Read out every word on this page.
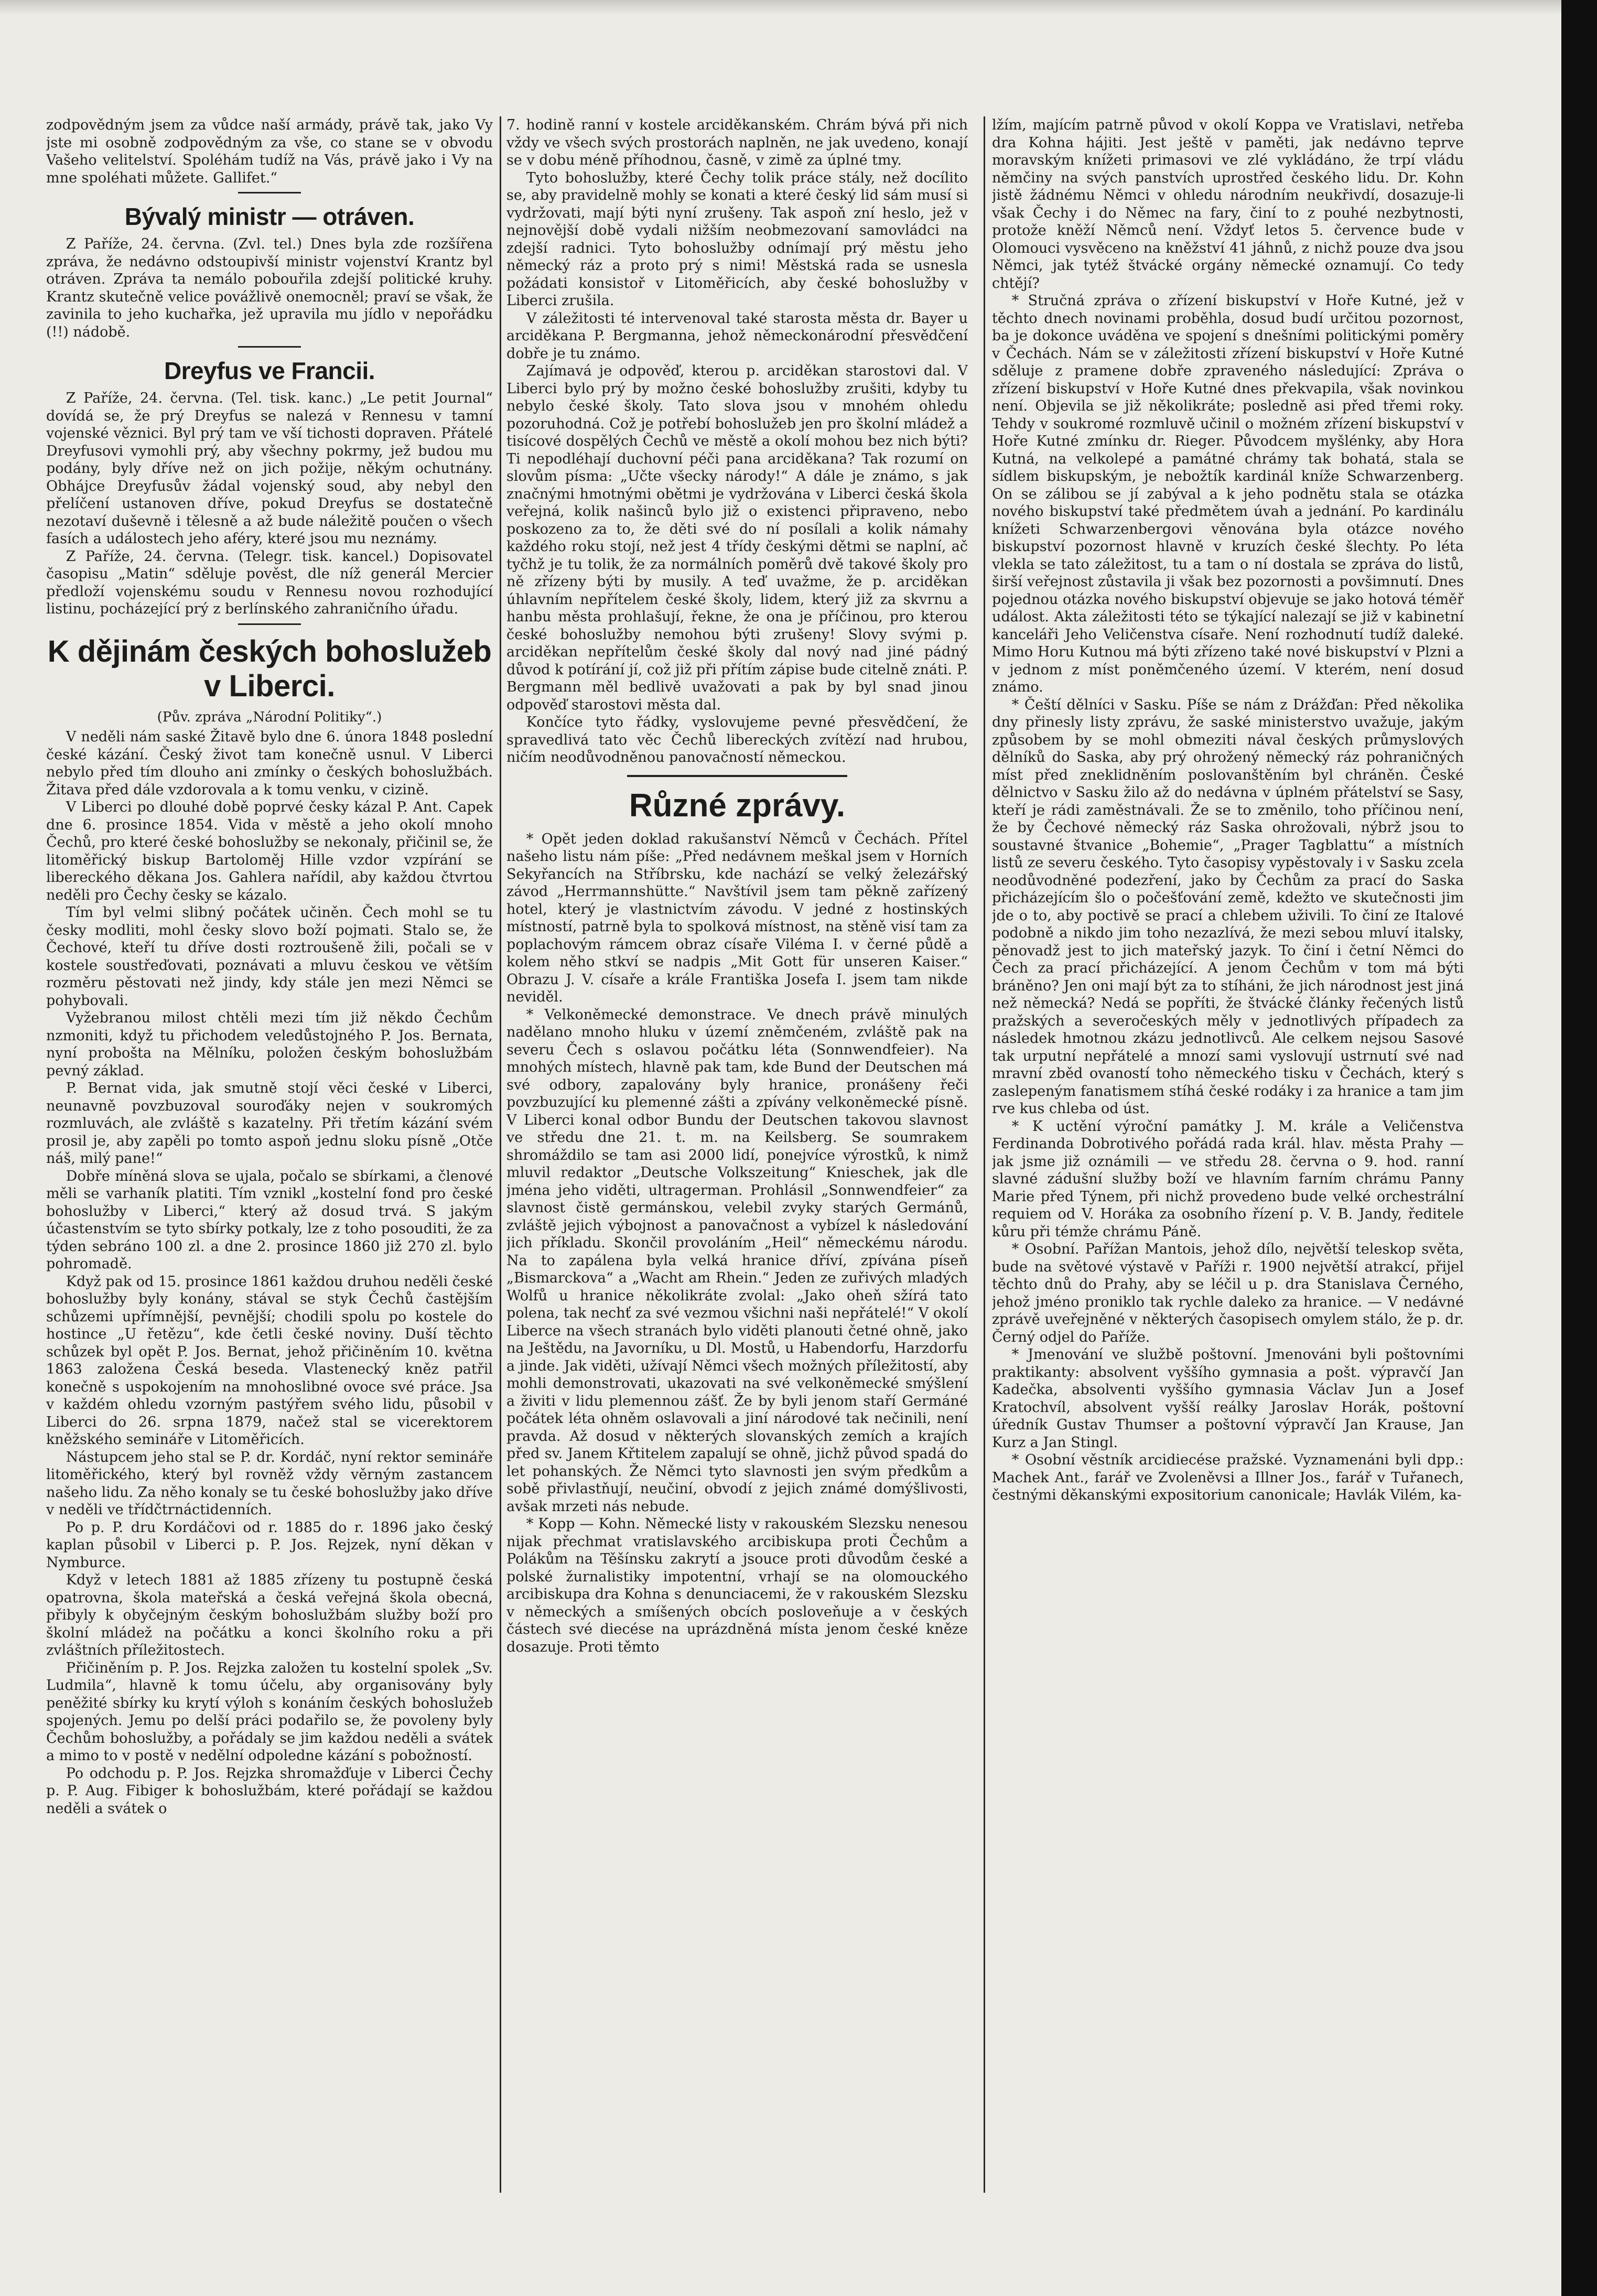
zodpovědným jsem za vůdce naší armády, právě tak, jako Vy jste mi osobně zodpovědným za vše, co stane se v obvodu Vašeho velitelství. Spoléhám tudíž na Vás, právě jako i Vy na mne spoléhati můžete. Gallifet.“

Bývalý ministr — otráven.

Z Paříže, 24. června. (Zvl. tel.) Dnes byla zde rozšířena zpráva, že nedávno odstoupivší ministr vojenství Krantz byl otráven. Zpráva ta nemálo pobouřila zdejší politické kruhy. Krantz skutečně velice povážlivě onemocněl; praví se však, že zavinila to jeho kuchařka, jež upravila mu jídlo v nepořádku (!!) nádobě.

Dreyfus ve Francii.

Z Paříže, 24. června. (Tel. tisk. kanc.) „Le petit Journal“ dovídá se, že prý Dreyfus se nalezá v Rennesu v tamní vojenské věznici. Byl prý tam ve vší tichosti dopraven. Přátelé Dreyfusovi vymohli prý, aby všechny pokrmy, jež budou mu podány, byly dříve než on jich požije, někým ochutnány. Obhájce Dreyfusův žádal vojenský soud, aby nebyl den přelíčení ustanoven dříve, pokud Dreyfus se dostatečně nezotaví duševně i tělesně a až bude náležitě poučen o všech fasích a událostech jeho aféry, které jsou mu neznámy.

Z Paříže, 24. června. (Telegr. tisk. kancel.) Dopisovatel časopisu „Matin“ sděluje pověst, dle níž generál Mercier předloží vojenskému soudu v Rennesu novou rozhodující listinu, pocházející prý z berlínského zahraničního úřadu.

K dějinám českých bohoslužeb v Liberci.

(Pův. zpráva „Národní Politiky“.)

V neděli nám saské Žitavě bylo dne 6. února 1848 poslední české kázání. Český život tam konečně usnul. V Liberci nebylo před tím dlouho ani zmínky o českých bohoslužbách. Žitava před dále vzdorovala a k tomu venku, v cizině.

V Liberci po dlouhé době poprvé česky kázal P. Ant. Capek dne 6. prosince 1854. Vida v městě a jeho okolí mnoho Čechů, pro které české bohoslužby se nekonaly, přičinil se, že litoměřický biskup Bartoloměj Hille vzdor vzpírání se libereckého děkana Jos. Gahlera nařídil, aby každou čtvrtou neděli pro Čechy česky se kázalo.

Tím byl velmi slibný počátek učiněn. Čech mohl se tu česky modliti, mohl česky slovo boží pojmati. Stalo se, že Čechové, kteří tu dříve dosti roztroušeně žili, počali se v kostele soustřeďovati, poznávati a mluvu českou ve větším rozměru pěstovati než jindy, kdy stále jen mezi Němci se pohybovali.

Vyžebranou milost chtěli mezi tím již někdo Čechům nzmoniti, když tu přichodem veledůstojného P. Jos. Bernata, nyní probošta na Mělníku, položen českým bohoslužbám pevný základ.

P. Bernat vida, jak smutně stojí věci české v Liberci, neunavně povzbuzoval souroďáky nejen v soukromých rozmluvách, ale zvláště s kazatelny. Při třetím kázání svém prosil je, aby zapěli po tomto aspoň jednu sloku písně „Otče náš, milý pane!“

Dobře míněná slova se ujala, počalo se sbírkami, a členové měli se varhaník platiti. Tím vznikl „kostelní fond pro české bohoslužby v Liberci,“ který až dosud trvá. S jakým účastenstvím se tyto sbírky potkaly, lze z toho posouditi, že za týden sebráno 100 zl. a dne 2. prosince 1860 již 270 zl. bylo pohromadě.

Když pak od 15. prosince 1861 každou druhou neděli české bohoslužby byly konány, stával se styk Čechů častějším schůzemi upřímnější, pevnější; chodili spolu po kostele do hostince „U řetězu“, kde četli české noviny. Duší těchto schůzek byl opět P. Jos. Bernat, jehož přičiněním 10. května 1863 založena Česká beseda. Vlastenecký kněz patřil konečně s uspokojením na mnohoslibné ovoce své práce. Jsa v každém ohledu vzorným pastýřem svého lidu, působil v Liberci do 26. srpna 1879, načež stal se vicerektorem kněžského semináře v Litoměřicích.

Nástupcem jeho stal se P. dr. Kordáč, nyní rektor semináře litoměřického, který byl rovněž vždy věrným zastancem našeho lidu. Za něho konaly se tu české bohoslužby jako dříve v neděli ve třídčtrnáctidenních.

Po p. P. dru Kordáčovi od r. 1885 do r. 1896 jako český kaplan působil v Liberci p. P. Jos. Rejzek, nyní děkan v Nymburce.

Když v letech 1881 až 1885 zřízeny tu postupně česká opatrovna, škola mateřská a česká veřejná škola obecná, přibyly k obyčejným českým bohoslužbám služby boží pro školní mládež na počátku a konci školního roku a při zvláštních příležitostech.

Přičiněním p. P. Jos. Rejzka založen tu kostelní spolek „Sv. Ludmila“, hlavně k tomu účelu, aby organisovány byly peněžité sbírky ku krytí výloh s konáním českých bohoslužeb spojených. Jemu po delší práci podařilo se, že povoleny byly Čechům bohoslužby, a pořádaly se jim každou neděli a svátek a mimo to v postě v nedělní odpoledne kázání s pobožností.

Po odchodu p. P. Jos. Rejzka shromažďuje v Liberci Čechy p. P. Aug. Fibiger k bohoslužbám, které pořádají se každou neděli a svátek o

7. hodině ranní v kostele arciděkanském. Chrám bývá při nich vždy ve všech svých prostorách naplněn, ne jak uvedeno, konají se v dobu méně příhodnou, časně, v zimě za úplné tmy.

Tyto bohoslužby, které Čechy tolik práce stály, než docílito se, aby pravidelně mohly se konati a které český lid sám musí si vydržovati, mají býti nyní zrušeny. Tak aspoň zní heslo, jež v nejnovější době vydali nižším neobmezovaní samovládci na zdejší radnici. Tyto bohoslužby odnímají prý městu jeho německý ráz a proto prý s nimi! Městská rada se usnesla požádati konsistoř v Litoměřicích, aby české bohoslužby v Liberci zrušila.

V záležitosti té intervenoval také starosta města dr. Bayer u arciděkana P. Bergmanna, jehož německonárodní přesvědčení dobře je tu známo.

Zajímavá je odpověď, kterou p. arciděkan starostovi dal. V Liberci bylo prý by možno české bohoslužby zrušiti, kdyby tu nebylo české školy. Tato slova jsou v mnohém ohledu pozoruhodná. Což je potřebí bohoslužeb jen pro školní mládež a tisícové dospělých Čechů ve městě a okolí mohou bez nich býti? Ti nepodléhají duchovní péči pana arciděkana? Tak rozumí on slovům písma: „Učte všecky národy!“ A dále je známo, s jak značnými hmotnými obětmi je vydržována v Liberci česká škola veřejná, kolik našinců bylo již o existenci připraveno, nebo poskozeno za to, že děti své do ní posílali a kolik námahy každého roku stojí, než jest 4 třídy českými dětmi se naplní, ač tyčhž je tu tolik, že za normálních poměrů dvě takové školy pro ně zřízeny býti by musily. A teď uvažme, že p. arciděkan úhlavním nepřítelem české školy, lidem, který již za skvrnu a hanbu města prohlašují, řekne, že ona je příčinou, pro kterou české bohoslužby nemohou býti zrušeny! Slovy svými p. arciděkan nepřítelům české školy dal nový nad jiné pádný důvod k potírání jí, což již při přítím zápise bude citelně znáti. P. Bergmann měl bedlivě uvažovati a pak by byl snad jinou odpověď starostovi města dal.

Končíce tyto řádky, vyslovujeme pevné přesvědčení, že spravedlivá tato věc Čechů libereckých zvítězí nad hrubou, ničím neodůvodněnou panovačností německou.

Různé zprávy.

* Opět jeden doklad rakušanství Němců v Čechách. Přítel našeho listu nám píše: „Před nedávnem meškal jsem v Horních Sekyřancích na Stříbrsku, kde nachází se velký železářský závod „Herrmannshütte.“ Navštívil jsem tam pěkně zařízený hotel, který je vlastnictvím závodu. V jedné z hostinských místností, patrně byla to spolková místnost, na stěně visí tam za poplachovým rámcem obraz císaře Viléma I. v černé půdě a kolem něho stkví se nadpis „Mit Gott für unseren Kaiser.“ Obrazu J. V. císaře a krále Františka Josefa I. jsem tam nikde neviděl.

* Velkoněmecké demonstrace. Ve dnech právě minulých nadělano mnoho hluku v území zněmčeném, zvláště pak na severu Čech s oslavou počátku léta (Sonnwendfeier). Na mnohých místech, hlavně pak tam, kde Bund der Deutschen má své odbory, zapalovány byly hranice, pronášeny řeči povzbuzující ku plemenné zášti a zpívány velkoněmecké písně. V Liberci konal odbor Bundu der Deutschen takovou slavnost ve středu dne 21. t. m. na Keilsberg. Se soumrakem shromáždilo se tam asi 2000 lidí, ponejvíce výrostků, k nimž mluvil redaktor „Deutsche Volkszeitung“ Knieschek, jak dle jména jeho viděti, ultragerman. Prohlásil „Sonnwendfeier“ za slavnost čistě germánskou, velebil zvyky starých Germánů, zvláště jejich výbojnost a panovačnost a vybízel k následování jich příkladu. Skončil provoláním „Heil“ německému národu. Na to zapálena byla velká hranice dříví, zpívána píseň „Bismarckova“ a „Wacht am Rhein.“ Jeden ze zuřivých mladých Wolfů u hranice několikráte zvolal: „Jako oheň sžírá tato polena, tak nechť za své vezmou všichni naši nepřátelé!“ V okolí Liberce na všech stranách bylo viděti planouti četné ohně, jako na Ještědu, na Javorníku, u Dl. Mostů, u Habendorfu, Harzdorfu a jinde. Jak viděti, užívají Němci všech možných příležitostí, aby mohli demonstrovati, ukazovati na své velkoněmecké smýšlení a živiti v lidu plemennou zášť. Že by byli jenom staří Germáné počátek léta ohněm oslavovali a jiní národové tak nečinili, není pravda. Až dosud v některých slovanských zemích a krajích před sv. Janem Křtitelem zapalují se ohně, jichž původ spadá do let pohanských. Že Němci tyto slavnosti jen svým předkům a sobě přivlastňují, neučiní, obvodí z jejich známé domýšlivosti, avšak mrzeti nás nebude.

* Kopp — Kohn. Německé listy v rakouském Slezsku nenesou nijak přechmat vratislavského arcibiskupa proti Čechům a Polákům na Těšínsku zakrytí a jsouce proti důvodům české a polské žurnalistiky impotentní, vrhají se na olomouckého arcibiskupa dra Kohna s denunciacemi, že v rakouském Slezsku v německých a smíšených obcích posloveňuje a v českých částech své diecése na uprázdněná místa jenom české kněze dosazuje. Proti těmto

lžím, majícím patrně původ v okolí Koppa ve Vratislavi, netřeba dra Kohna hájiti. Jest ještě v paměti, jak nedávno teprve moravským knížeti primasovi ve zlé vykládáno, že trpí vládu němčiny na svých panstvích uprostřed českého lidu. Dr. Kohn jistě žádnému Němci v ohledu národním neukřivdí, dosazuje-li však Čechy i do Němec na fary, činí to z pouhé nezbytnosti, protože kněží Němců není. Vždyť letos 5. července bude v Olomouci vysvěceno na kněžství 41 jáhnů, z nichž pouze dva jsou Němci, jak tytéž štvácké orgány německé oznamují. Co tedy chtějí?

* Stručná zpráva o zřízení biskupství v Hoře Kutné, jež v těchto dnech novinami proběhla, dosud budí určitou pozornost, ba je dokonce uváděna ve spojení s dnešními politickými poměry v Čechách. Nám se v záležitosti zřízení biskupství v Hoře Kutné sděluje z pramene dobře zpraveného následující: Zpráva o zřízení biskupství v Hoře Kutné dnes překvapila, však novinkou není. Objevila se již několikráte; posledně asi před třemi roky. Tehdy v soukromé rozmluvě učinil o možném zřízení biskupství v Hoře Kutné zmínku dr. Rieger. Původcem myšlénky, aby Hora Kutná, na velkolepé a památné chrámy tak bohatá, stala se sídlem biskupským, je nebožtík kardinál kníže Schwarzenberg. On se zálibou se jí zabýval a k jeho podnětu stala se otázka nového biskupství také předmětem úvah a jednání. Po kardinálu knížeti Schwarzenbergovi věnována byla otázce nového biskupství pozornost hlavně v kruzích české šlechty. Po léta vlekla se tato záležitost, tu a tam o ní dostala se zpráva do listů, širší veřejnost zůstavila ji však bez pozornosti a povšimnutí. Dnes pojednou otázka nového biskupství objevuje se jako hotová téměř událost. Akta záležitosti této se týkající nalezají se již v kabinetní kanceláři Jeho Veličenstva císaře. Není rozhodnutí tudíž daleké. Mimo Horu Kutnou má býti zřízeno také nové biskupství v Plzni a v jednom z míst poněmčeného území. V kterém, není dosud známo.

* Čeští dělníci v Sasku. Píše se nám z Drážďan: Před několika dny přinesly listy zprávu, že saské ministerstvo uvažuje, jakým způsobem by se mohl obmeziti nával českých průmyslových dělníků do Saska, aby prý ohrožený německý ráz pohraničných míst před zneklidněním poslovanštěním byl chráněn. České dělnictvo v Sasku žilo až do nedávna v úplném přátelství se Sasy, kteří je rádi zaměstnávali. Že se to změnilo, toho příčinou není, že by Čechové německý ráz Saska ohrožovali, nýbrž jsou to soustavné štvanice „Bohemie“, „Prager Tagblattu“ a místních listů ze severu českého. Tyto časopisy vypěstovaly i v Sasku zcela neodůvodněné podezření, jako by Čechům za prací do Saska přicházejícím šlo o počešťování země, kdežto ve skutečnosti jim jde o to, aby poctivě se prací a chlebem uživili. To činí ze Italové podobně a nikdo jim toho nezazlívá, že mezi sebou mluví italsky, pěnovadž jest to jich mateřský jazyk. To činí i četní Němci do Čech za prací přicházející. A jenom Čechům v tom má býti bráněno? Jen oni mají být za to stíháni, že jich národnost jest jiná než německá? Nedá se popříti, že štvácké články řečených listů pražských a severočeských měly v jednotlivých případech za následek hmotnou zkázu jednotlivců. Ale celkem nejsou Sasové tak urputní nepřátelé a mnozí sami vyslovují ustrnutí své nad mravní zběd ovaností toho německého tisku v Čechách, který s zaslepeným fanatismem stíhá české rodáky i za hranice a tam jim rve kus chleba od úst.

* K uctění výroční památky J. M. krále a Veličenstva Ferdinanda Dobrotivého pořádá rada král. hlav. města Prahy — jak jsme již oznámili — ve středu 28. června o 9. hod. ranní slavné zádušní služby boží ve hlavním farním chrámu Panny Marie před Týnem, při nichž provedeno bude velké orchestrální requiem od V. Horáka za osobního řízení p. V. B. Jandy, ředitele kůru při témže chrámu Páně.

* Osobní. Pařížan Mantois, jehož dílo, největší teleskop světa, bude na světové výstavě v Paříži r. 1900 největší atrakcí, přijel těchto dnů do Prahy, aby se léčil u p. dra Stanislava Černého, jehož jméno proniklo tak rychle daleko za hranice. — V nedávné zprávě uveřejněné v některých časopisech omylem stálo, že p. dr. Černý odjel do Paříže.

* Jmenování ve službě poštovní. Jmenováni byli poštovními praktikanty: absolvent vyššího gymnasia a pošt. výpravčí Jan Kadečka, absolventi vyššího gymnasia Václav Jun a Josef Kratochvíl, absolvent vyšší reálky Jaroslav Horák, poštovní úředník Gustav Thumser a poštovní výpravčí Jan Krause, Jan Kurz a Jan Stingl.

* Osobní věstník arcidiecése pražské. Vyznamenáni byli dpp.: Machek Ant., farář ve Zvoleněvsi a Illner Jos., farář v Tuřanech, čestnými děkanskými expositorium canonicale; Havlák Vilém, ka-
